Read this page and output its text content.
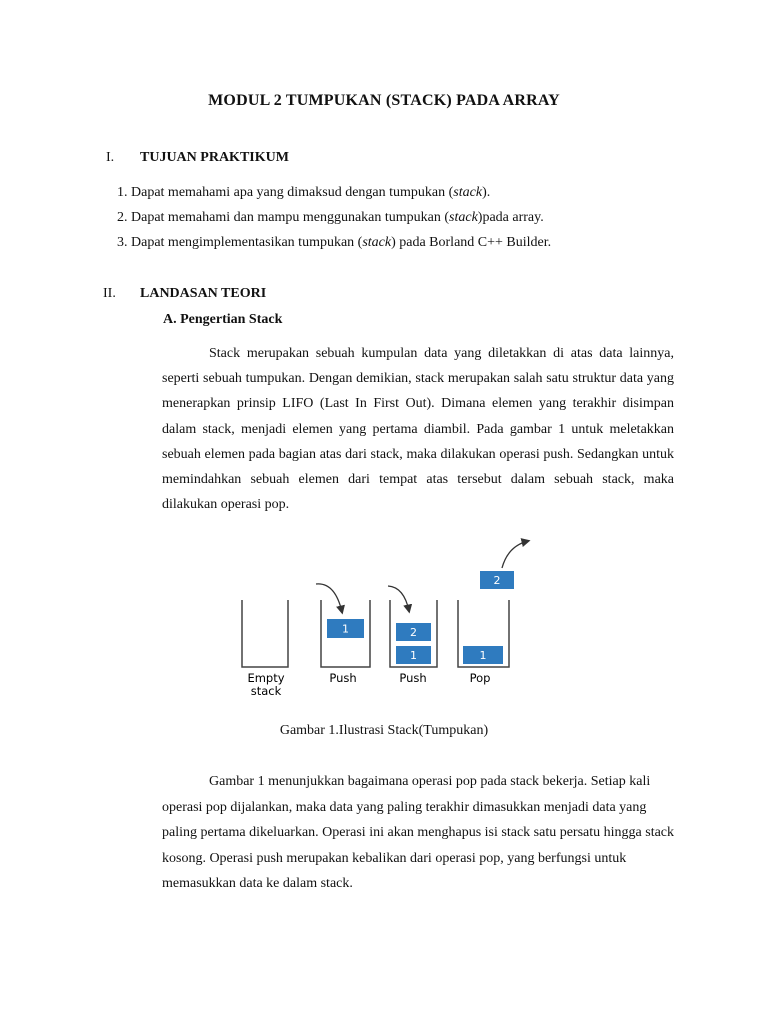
MODUL 2 TUMPUKAN (STACK) PADA ARRAY
I. TUJUAN PRAKTIKUM
1. Dapat memahami apa yang dimaksud dengan tumpukan (stack).
2. Dapat memahami dan mampu menggunakan tumpukan (stack)pada array.
3. Dapat mengimplementasikan tumpukan (stack) pada Borland C++ Builder.
II. LANDASAN TEORI
A. Pengertian Stack

Stack merupakan sebuah kumpulan data yang diletakkan di atas data lainnya, seperti sebuah tumpukan. Dengan demikian, stack merupakan salah satu struktur data yang menerapkan prinsip LIFO (Last In First Out). Dimana elemen yang terakhir disimpan dalam stack, menjadi elemen yang pertama diambil. Pada gambar 1 untuk meletakkan sebuah elemen pada bagian atas dari stack, maka dilakukan operasi push. Sedangkan untuk memindahkan sebuah elemen dari tempat atas tersebut dalam sebuah stack, maka dilakukan operasi pop.

1	2
1
2
1
Empty
stack
Push	Push	Pop
Gambar 1.Ilustrasi Stack(Tumpukan)

Gambar 1 menunjukkan bagaimana operasi pop pada stack bekerja. Setiap kali operasi pop dijalankan, maka data yang paling terakhir dimasukkan menjadi data yang paling pertama dikeluarkan. Operasi ini akan menghapus isi stack satu persatu hingga stack kosong. Operasi push merupakan kebalikan dari operasi pop, yang berfungsi untuk memasukkan data ke dalam stack.
